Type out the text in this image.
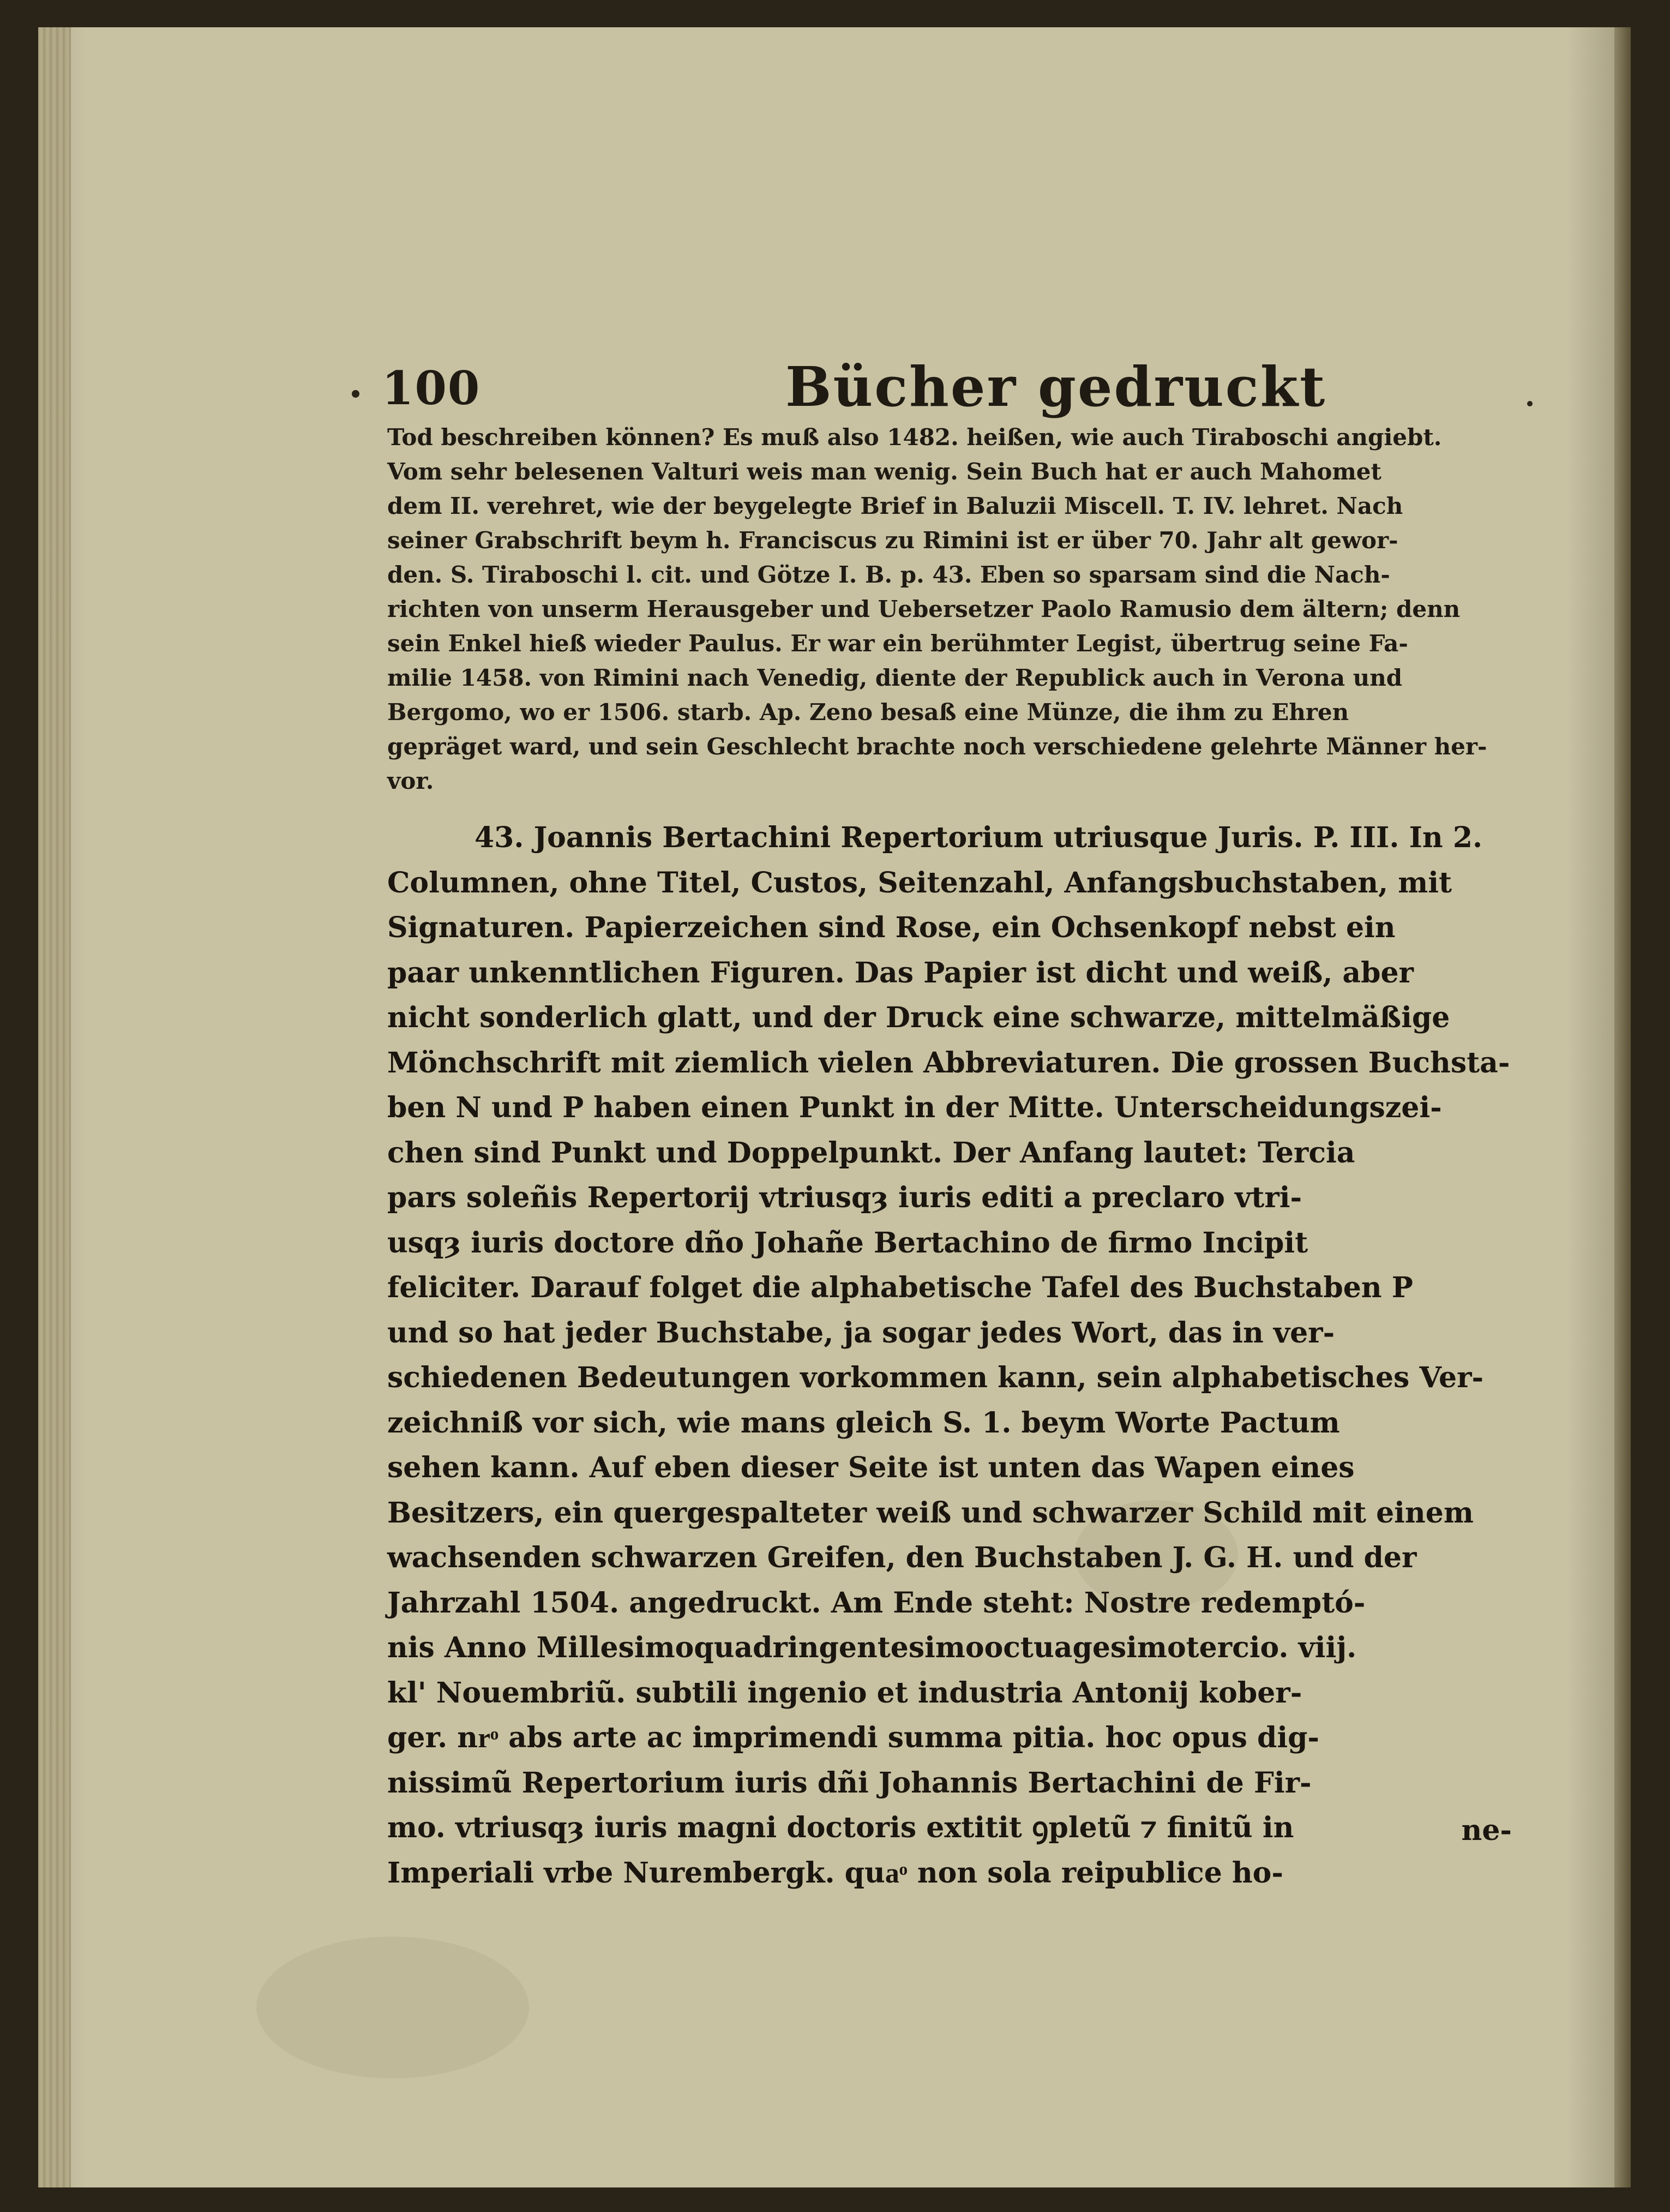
100	Bücher gedruckt
Tod beschreiben können? Es muß also 1482. heißen, wie auch Tiraboschi angiebt.
Vom sehr belesenen Valturi weis man wenig. Sein Buch hat er auch Mahomet
dem II. verehret, wie der beygelegte Brief in Baluzii Miscell. T. IV. lehret. Nach
seiner Grabschrift beym h. Franciscus zu Rimini ist er über 70. Jahr alt gewor-
den. S. Tiraboschi l. cit. und Götze I. B. p. 43. Eben so sparsam sind die Nach-
richten von unserm Herausgeber und Uebersetzer Paolo Ramusio dem ältern; denn
sein Enkel hieß wieder Paulus. Er war ein berühmter Legist, übertrug seine Fa-
milie 1458. von Rimini nach Venedig, diente der Republick auch in Verona und
Bergomo, wo er 1506. starb. Ap. Zeno besaß eine Münze, die ihm zu Ehren
gepräget ward, und sein Geschlecht brachte noch verschiedene gelehrte Männer her-
vor.
43. Joannis Bertachini Repertorium utriusque Juris. P. III. In 2.
Columnen, ohne Titel, Custos, Seitenzahl, Anfangsbuchstaben, mit
Signaturen. Papierzeichen sind Rose, ein Ochsenkopf nebst ein
paar unkenntlichen Figuren. Das Papier ist dicht und weiß, aber
nicht sonderlich glatt, und der Druck eine schwarze, mittelmäßige
Mönchschrift mit ziemlich vielen Abbreviaturen. Die grossen Buchsta-
ben N und P haben einen Punkt in der Mitte. Unterscheidungszei-
chen sind Punkt und Doppelpunkt. Der Anfang lautet: Tercia
pars soleñis Repertorij vtriusqȝ iuris editi a preclaro vtri-
usqȝ iuris doctore dño Johañe Bertachino de firmo Incipit
feliciter. Darauf folget die alphabetische Tafel des Buchstaben P
und so hat jeder Buchstabe, ja sogar jedes Wort, das in ver-
schiedenen Bedeutungen vorkommen kann, sein alphabetisches Ver-
zeichniß vor sich, wie mans gleich S. 1. beym Worte Pactum
sehen kann. Auf eben dieser Seite ist unten das Wapen eines
Besitzers, ein quergespalteter weiß und schwarzer Schild mit einem
wachsenden schwarzen Greifen, den Buchstaben J. G. H. und der
Jahrzahl 1504. angedruckt. Am Ende steht: Nostre redemptó-
nis Anno Millesimoquadringentesimooctuagesimotercio. viij.
kl' Nouembriũ. subtili ingenio et industria Antonij kober-
ger. nrͦ abs arte ac imprimendi summa pitia. hoc opus dig-
nissimũ Repertorium iuris dñi Johannis Bertachini de Fir-
mo. vtriusqȝ iuris magni doctoris extitit ꝯpletũ ⁊ finitũ in
Imperiali vrbe Nurembergk. quaͦ non sola reipublice ho-
ne-
